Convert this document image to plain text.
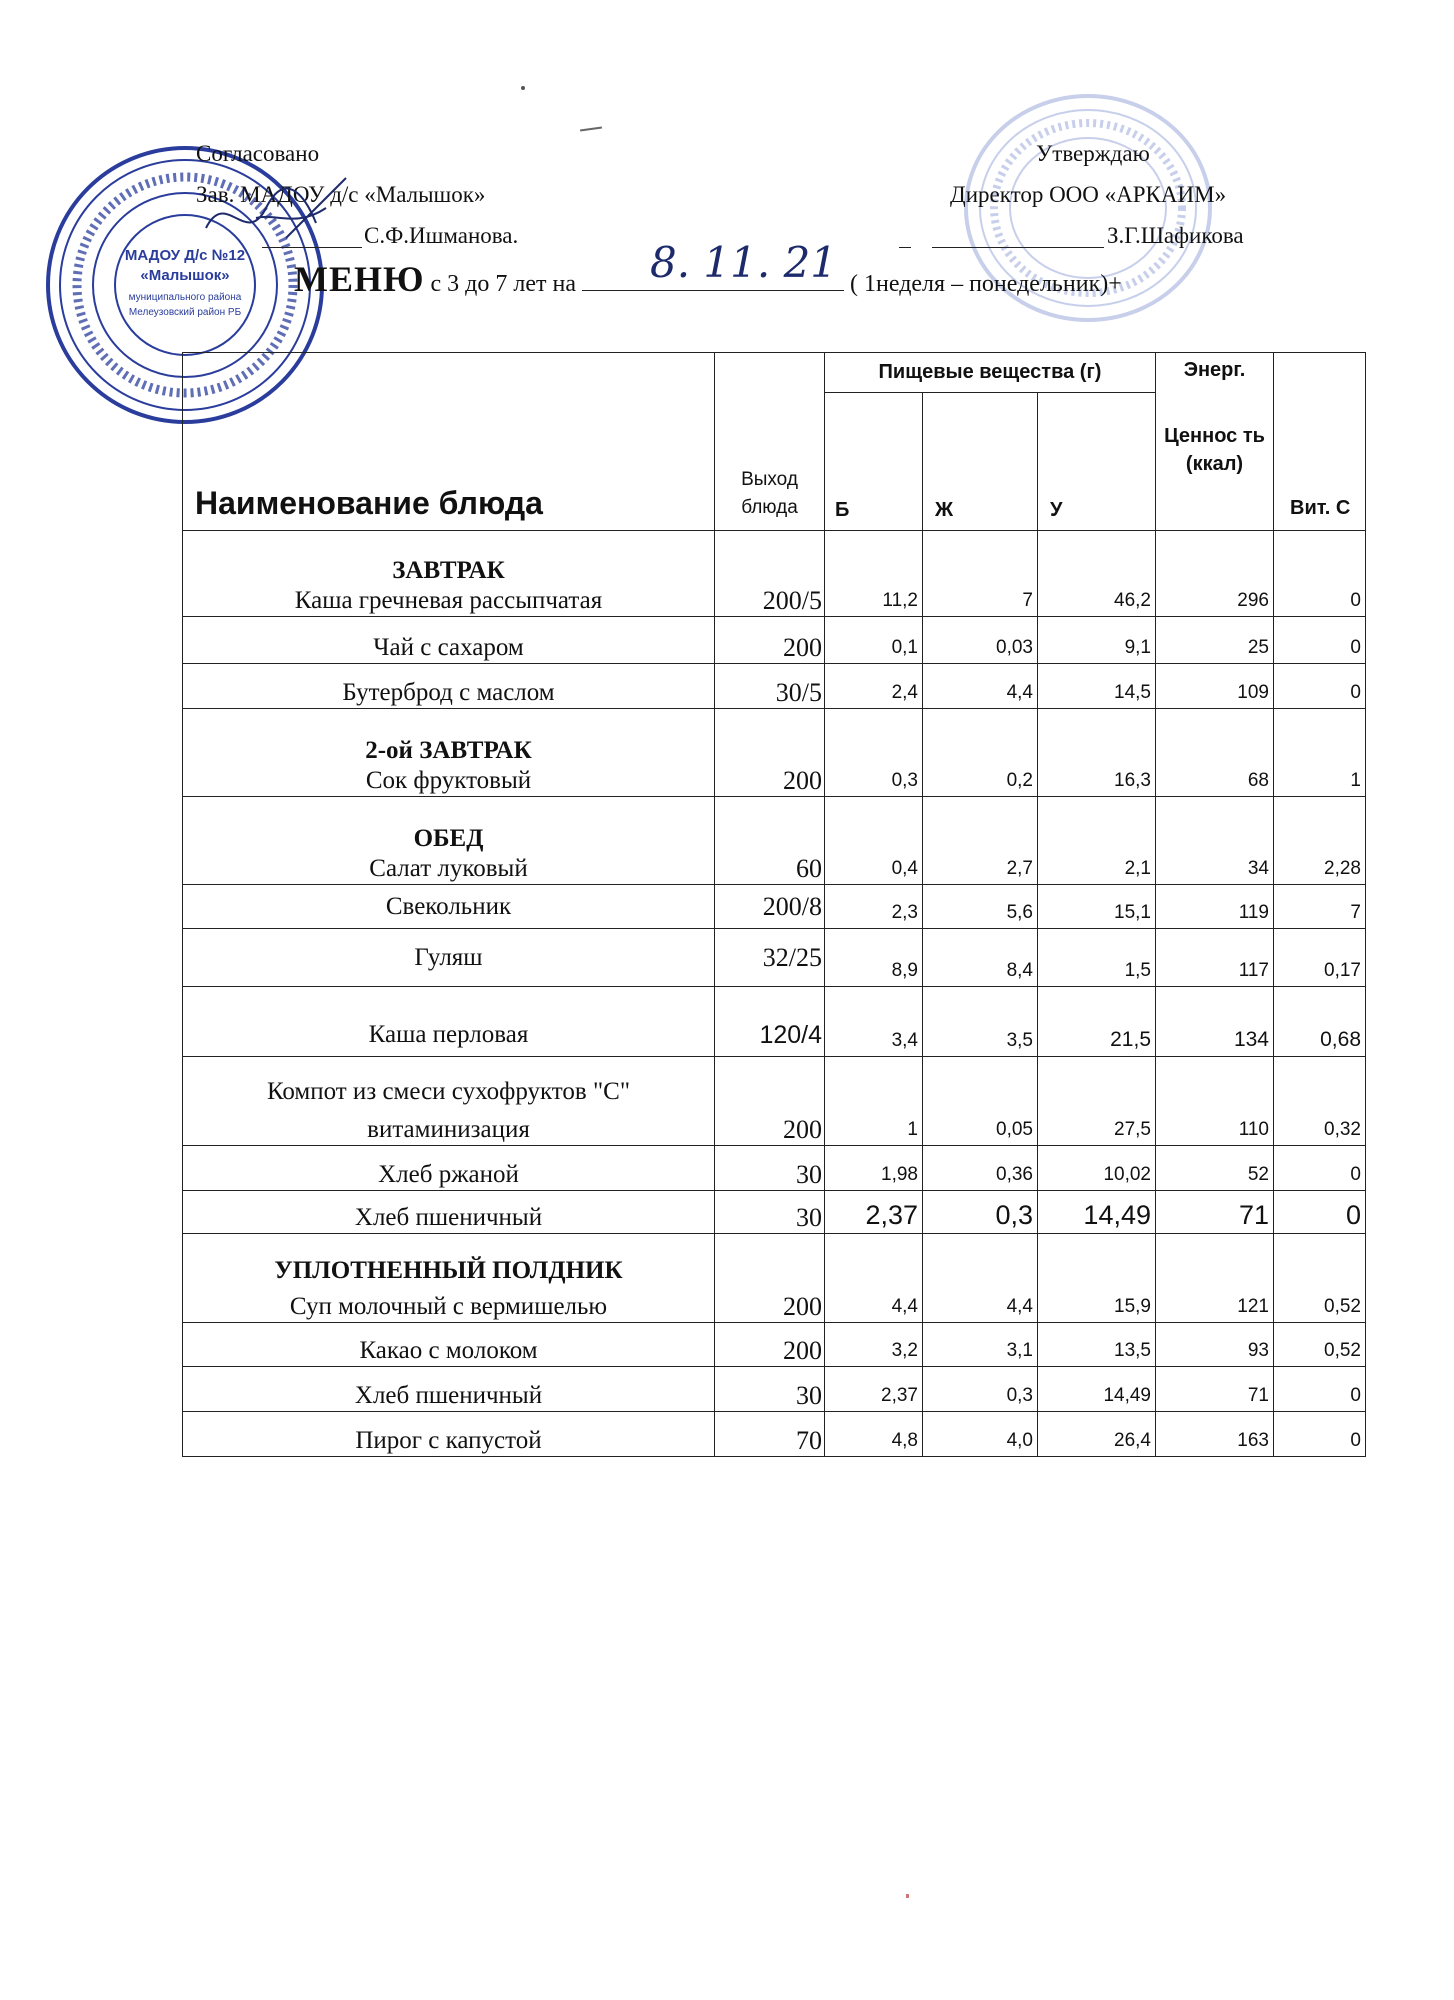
МАДОУ Д/с №12
«Малышок»
муниципального района
Мелеузовский район РБ
Согласовано
Зав. МАДОУ д/с «Малышок»
С.Ф.Ишманова.
Утверждаю
Директор ООО «АРКАИМ»
З.Г.Шафикова
МЕНЮ с 3 до 7 лет на	( 1неделя – понедельник)+
8. 11. 21
Наименование блюда	Выход блюда	Пищевые вещества (г)			Энерг.
Ценнос ть (ккал)	Вит. С
		Б	Ж	У		

ЗАВТРАК
Каша гречневая рассыпчатая	200/5	11,2	7	46,2	296	0
Чай с сахаром	200	0,1	0,03	9,1	25	0
Бутерброд с маслом	30/5	2,4	4,4	14,5	109	0

2-ой ЗАВТРАК
Сок фруктовый	200	0,3	0,2	16,3	68	1

ОБЕД
Салат луковый	60	0,4	2,7	2,1	34	2,28
Свекольник	200/8	2,3	5,6	15,1	119	7
Гуляш	32/25	8,9	8,4	1,5	117	0,17
Каша перловая	120/4	3,4	3,5	21,5	134	0,68

Компот из смеси сухофруктов "С"
витаминизация	200	1	0,05	27,5	110	0,32
Хлеб ржаной	30	1,98	0,36	10,02	52	0
Хлеб пшеничный	30	2,37	0,3	14,49	71	0

УПЛОТНЕННЫЙ ПОЛДНИК
Суп молочный с вермишелью	200	4,4	4,4	15,9	121	0,52
Какао с молоком	200	3,2	3,1	13,5	93	0,52
Хлеб пшеничный	30	2,37	0,3	14,49	71	0
Пирог с капустой	70	4,8	4,0	26,4	163	0
